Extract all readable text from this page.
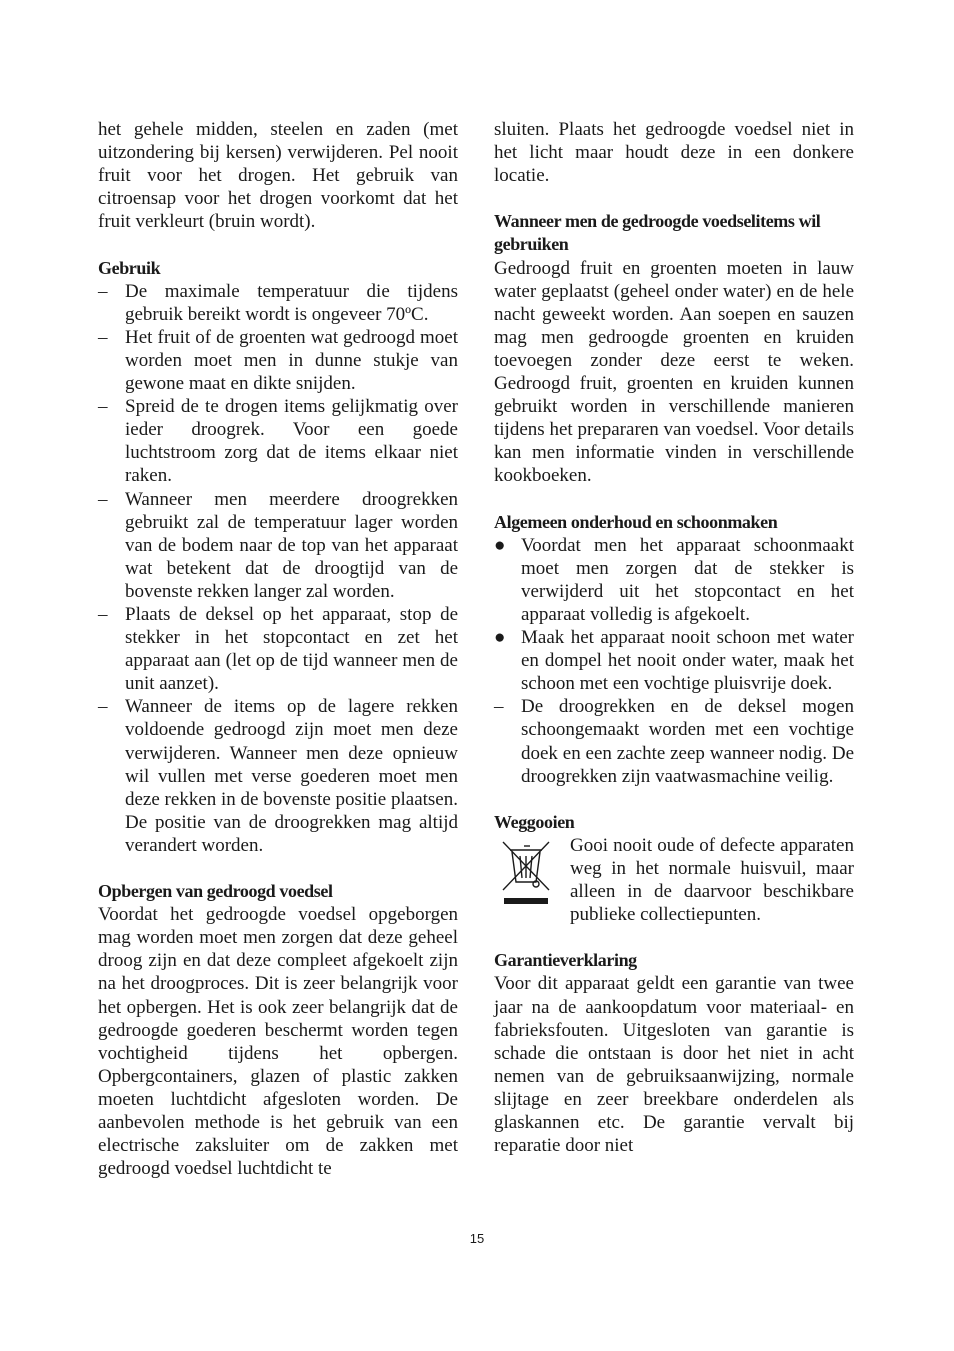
het gehele midden, steelen en zaden (met uitzondering bij kersen) verwijderen. Pel nooit fruit voor het drogen. Het gebruik van citroensap voor het drogen voorkomt dat het fruit verkleurt (bruin wordt).

Gebruik
– De maximale temperatuur die tijdens gebruik bereikt wordt is ongeveer 70ºC.
– Het fruit of de groenten wat gedroogd moet worden moet men in dunne stukje van gewone maat en dikte snijden.
– Spreid de te drogen items gelijkmatig over ieder droogrek. Voor een goede luchtstroom zorg dat de items elkaar niet raken.
– Wanneer men meerdere droogrekken gebruikt zal de temperatuur lager worden van de bodem naar de top van het apparaat wat betekent dat de droogtijd van de bovenste rekken langer zal worden.
– Plaats de deksel op het apparaat, stop de stekker in het stopcontact en zet het apparaat aan (let op de tijd wanneer men de unit aanzet).
– Wanneer de items op de lagere rekken voldoende gedroogd zijn moet men deze verwijderen. Wanneer men deze opnieuw wil vullen met verse goederen moet men deze rekken in de bovenste positie plaatsen. De positie van de droogrekken mag altijd verandert worden.
Opbergen van gedroogd voedsel

Voordat het gedroogde voedsel opgeborgen mag worden moet men zorgen dat deze geheel droog zijn en dat deze compleet afgekoelt zijn na het droogproces. Dit is zeer belangrijk voor het opbergen. Het is ook zeer belangrijk dat de gedroogde goederen beschermt worden tegen vochtigheid tijdens het opbergen. Opbergcontainers, glazen of plastic zakken moeten luchtdicht afgesloten worden. De aanbevolen methode is het gebruik van een electrische zaksluiter om de zakken met gedroogd voedsel luchtdicht te

sluiten. Plaats het gedroogde voedsel niet in het licht maar houdt deze in een donkere locatie.

Wanneer men de gedroogde voedselitems wil gebruiken

Gedroogd fruit en groenten moeten in lauw water geplaatst (geheel onder water) en de hele nacht geweekt worden. Aan soepen en sauzen mag men gedroogde groenten en kruiden toevoegen zonder deze eerst te weken. Gedroogd fruit, groenten en kruiden kunnen gebruikt worden in verschillende manieren tijdens het prepararen van voedsel. Voor details kan men informatie vinden in verschillende kookboeken.

Algemeen onderhoud en schoonmaken
● Voordat men het apparaat schoonmaakt moet men zorgen dat de stekker is verwijderd uit het stopcontact en het apparaat volledig is afgekoelt.
● Maak het apparaat nooit schoon met water en dompel het nooit onder water, maak het schoon met een vochtige pluisvrije doek.
– De droogrekken en de deksel mogen schoongemaakt worden met een vochtige doek en een zachte zeep wanneer nodig. De droogrekken zijn vaatwasmachine veilig.
Weggooien

Gooi nooit oude of defecte apparaten weg in het normale huisvuil, maar alleen in de daarvoor beschikbare publieke collectiepunten.

Garantieverklaring

Voor dit apparaat geldt een garantie van twee jaar na de aankoopdatum voor materiaal- en fabrieksfouten. Uitgesloten van garantie is schade die ontstaan is door het niet in acht nemen van de gebruiksaanwijzing, normale slijtage en zeer breekbare onderdelen als glaskannen etc. De garantie vervalt bij reparatie door niet

15
